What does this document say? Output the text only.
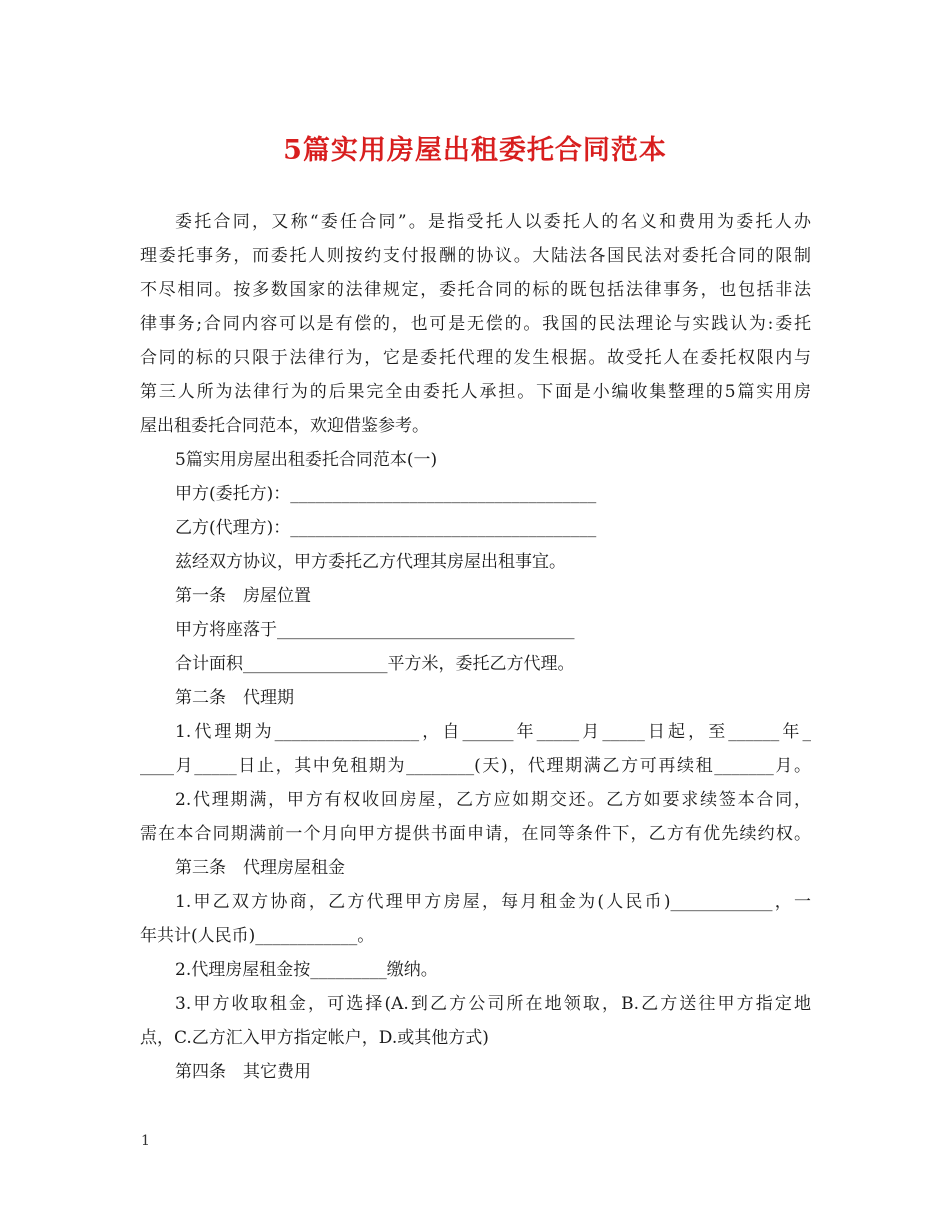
5篇实用房屋出租委托合同范本
委托合同，又称“委任合同”。是指受托人以委托人的名义和费用为委托人办
理委托事务，而委托人则按约支付报酬的协议。大陆法各国民法对委托合同的限制
不尽相同。按多数国家的法律规定，委托合同的标的既包括法律事务，也包括非法
律事务;合同内容可以是有偿的，也可是无偿的。我国的民法理论与实践认为:委托
合同的标的只限于法律行为，它是委托代理的发生根据。故受托人在委托权限内与
第三人所为法律行为的后果完全由委托人承担。下面是小编收集整理的5篇实用房
屋出租委托合同范本，欢迎借鉴参考。
5篇实用房屋出租委托合同范本(一)
甲方(委托方)：____________________________________
乙方(代理方)：____________________________________
兹经双方协议，甲方委托乙方代理其房屋出租事宜。
第一条　房屋位置
甲方将座落于___________________________________
合计面积_________________平方米，委托乙方代理。
第二条　代理期
1.代理期为_________________，自______年_____月_____日起，至______年_
____月_____日止，其中免租期为________(天)，代理期满乙方可再续租_______月。
2.代理期满，甲方有权收回房屋，乙方应如期交还。乙方如要求续签本合同，
需在本合同期满前一个月向甲方提供书面申请，在同等条件下，乙方有优先续约权。
第三条　代理房屋租金
1.甲乙双方协商，乙方代理甲方房屋，每月租金为(人民币)____________，一
年共计(人民币)____________。
2.代理房屋租金按_________缴纳。
3.甲方收取租金，可选择(A.到乙方公司所在地领取，B.乙方送往甲方指定地
点，C.乙方汇入甲方指定帐户，D.或其他方式)
第四条　其它费用
1
